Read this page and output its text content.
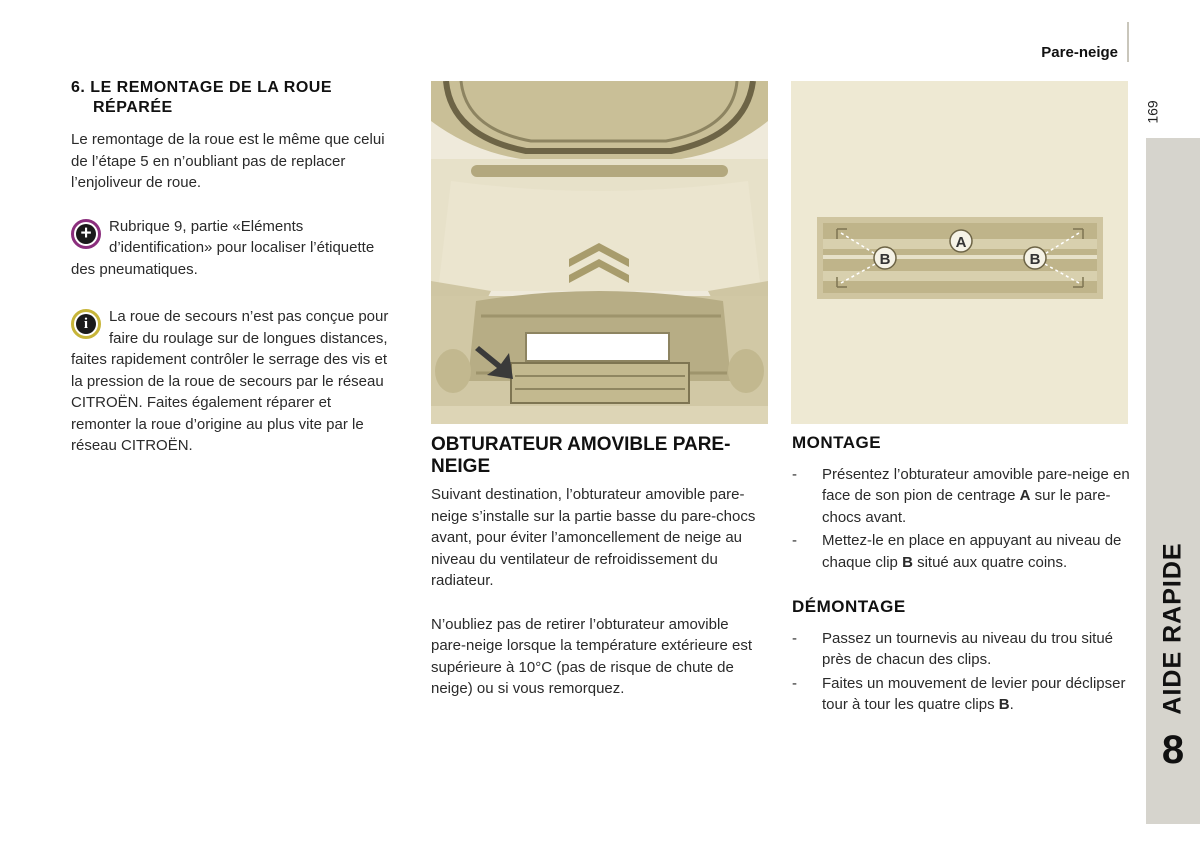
Pare-neige
169
AIDE RAPIDE
8
6. LE REMONTAGE DE LA ROUE
RÉPARÉE

Le remontage de la roue est le même que celui de l’étape 5 en n’oubliant pas de replacer l’enjoliveur de roue.

+	Rubrique 9, partie «Eléments d’identification» pour localiser l’étiquette des pneumatiques.

i	La roue de secours n’est pas conçue pour faire du roulage sur de longues distances, faites rapidement contrôler le serrage des vis et la pression de la roue de secours par le réseau CITROËN. Faites également réparer et remonter la roue d’origine au plus vite par le réseau CITROËN.	OBTURATEUR AMOVIBLE PARE-NEIGE

Suivant destination, l’obturateur amovible pare-neige s’installe sur la partie basse du pare-chocs avant, pour éviter l’amoncellement de neige au niveau du ventilateur de refroidissement du radiateur.

N’oubliez pas de retirer l’obturateur amovible pare-neige lorsque la température extérieure est supérieure à 10°C (pas de risque de chute de neige) ou si vous remorquez.

A
B	B
MONTAGE
- Présentez l’obturateur amovible pare-neige en face de son pion de centrage A sur le pare-chocs avant.
- Mettez-le en place en appuyant au niveau de chaque clip B situé aux quatre coins.
DÉMONTAGE
- Passez un tournevis au niveau du trou situé près de chacun des clips.
- Faites un mouvement de levier pour déclipser tour à tour les quatre clips B.
